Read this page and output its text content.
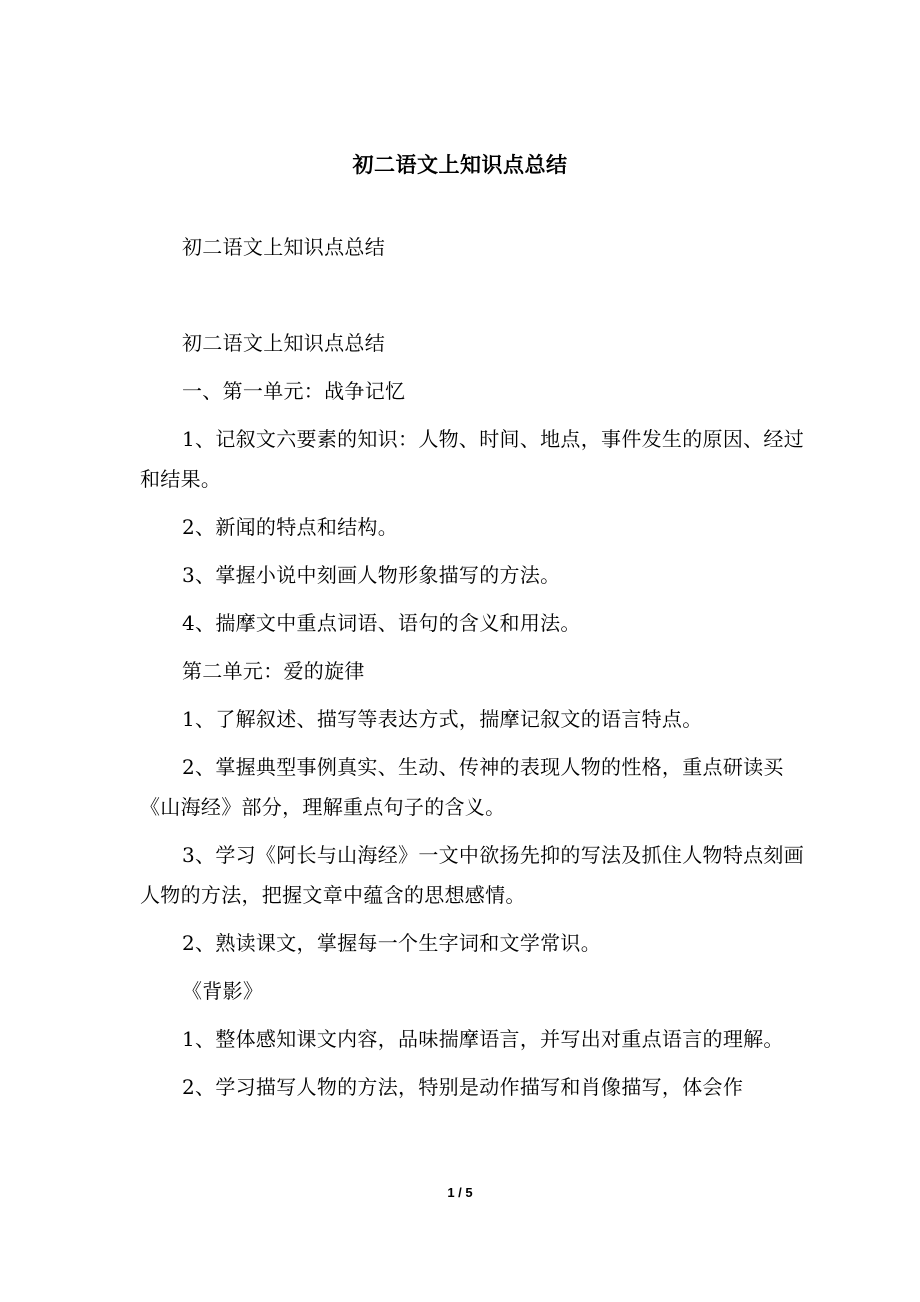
初二语文上知识点总结

初二语文上知识点总结

初二语文上知识点总结

一、第一单元：战争记忆

1、记叙文六要素的知识：人物、时间、地点，事件发生的原因、经过和结果。

2、新闻的特点和结构。

3、掌握小说中刻画人物形象描写的方法。

4、揣摩文中重点词语、语句的含义和用法。

第二单元：爱的旋律

1、了解叙述、描写等表达方式，揣摩记叙文的语言特点。

2、掌握典型事例真实、生动、传神的表现人物的性格，重点研读买《山海经》部分，理解重点句子的含义。

3、学习《阿长与山海经》一文中欲扬先抑的写法及抓住人物特点刻画人物的方法，把握文章中蕴含的思想感情。

2、熟读课文，掌握每一个生字词和文学常识。

《背影》

1、整体感知课文内容，品味揣摩语言，并写出对重点语言的理解。

2、学习描写人物的方法，特别是动作描写和肖像描写，体会作

1 / 5
